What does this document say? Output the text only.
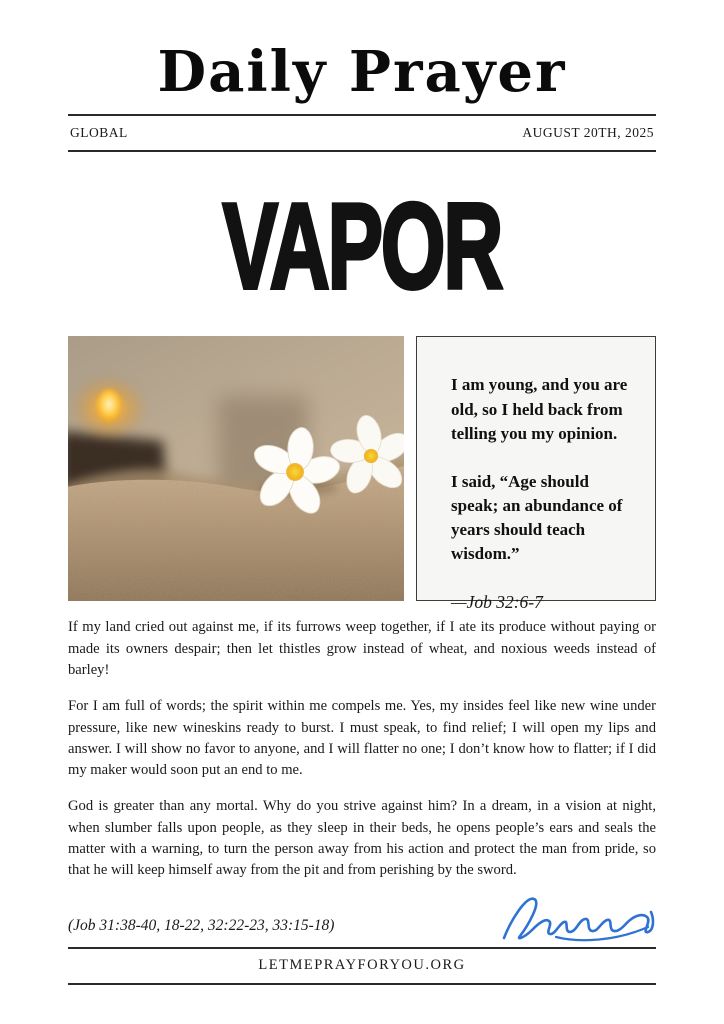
Daily Prayer
GLOBAL	AUGUST 20TH, 2025
VAPOR

I am young, and you are old, so I held back from telling you my opinion.

I said, “Age should speak; an abundance of years should teach wisdom.”

—Job 32:6-7

If my land cried out against me, if its furrows weep together, if I ate its produce without paying or made its owners despair; then let thistles grow instead of wheat, and noxious weeds instead of barley!

For I am full of words; the spirit within me compels me. Yes, my insides feel like new wine under pressure, like new wineskins ready to burst. I must speak, to find relief; I will open my lips and answer. I will show no favor to anyone, and I will flatter no one; I don’t know how to flatter; if I did my maker would soon put an end to me.

God is greater than any mortal. Why do you strive against him? In a dream, in a vision at night, when slumber falls upon people, as they sleep in their beds, he opens people’s ears and seals the matter with a warning, to turn the person away from his action and protect the man from pride, so that he will keep himself away from the pit and from perishing by the sword.

(Job 31:38-40, 18-22, 32:22-23, 33:15-18)
LETMEPRAYFORYOU.ORG
